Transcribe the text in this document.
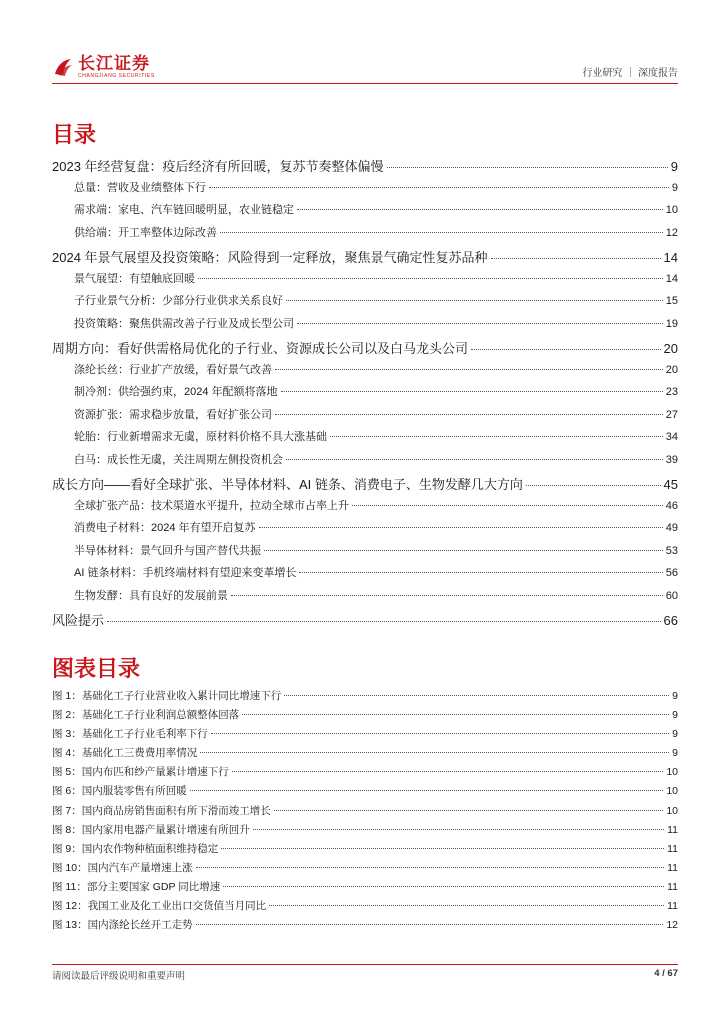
长江证券
CHANGJIANG SECURITIES	行业研究 ｜ 深度报告
目录
2023 年经营复盘：疫后经济有所回暖，复苏节奏整体偏慢	9
总量：营收及业绩整体下行	9
需求端：家电、汽车链回暖明显，农业链稳定	10
供给端：开工率整体边际改善	12
2024 年景气展望及投资策略：风险得到一定释放，聚焦景气确定性复苏品种	14
景气展望：有望触底回暖	14
子行业景气分析：少部分行业供求关系良好	15
投资策略：聚焦供需改善子行业及成长型公司	19
周期方向：看好供需格局优化的子行业、资源成长公司以及白马龙头公司	20
涤纶长丝：行业扩产放缓，看好景气改善	20
制冷剂：供给强约束，2024 年配额将落地	23
资源扩张：需求稳步放量，看好扩张公司	27
轮胎：行业新增需求无虞，原材料价格不具大涨基础	34
白马：成长性无虞，关注周期左侧投资机会	39
成长方向——看好全球扩张、半导体材料、AI 链条、消费电子、生物发酵几大方向	45
全球扩张产品：技术渠道水平提升，拉动全球市占率上升	46
消费电子材料：2024 年有望开启复苏	49
半导体材料：景气回升与国产替代共振	53
AI 链条材料：手机终端材料有望迎来变革增长	56
生物发酵：具有良好的发展前景	60
风险提示	66
图表目录
图 1：基础化工子行业营业收入累计同比增速下行	9
图 2：基础化工子行业利润总额整体回落	9
图 3：基础化工子行业毛利率下行	9
图 4：基础化工三费费用率情况	9
图 5：国内布匹和纱产量累计增速下行	10
图 6：国内服装零售有所回暖	10
图 7：国内商品房销售面积有所下滑而竣工增长	10
图 8：国内家用电器产量累计增速有所回升	11
图 9：国内农作物种植面积维持稳定	11
图 10：国内汽车产量增速上涨	11
图 11：部分主要国家 GDP 同比增速	11
图 12：我国工业及化工业出口交货值当月同比	11
图 13：国内涤纶长丝开工走势	12
请阅读最后评级说明和重要声明	4 / 67
